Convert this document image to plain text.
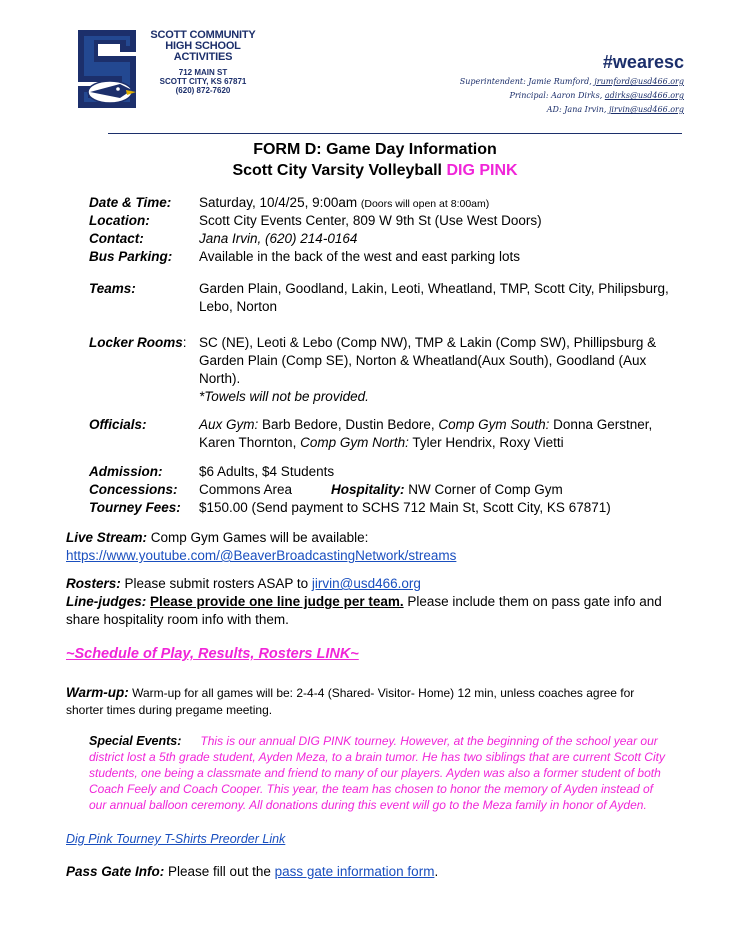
SCOTT COMMUNITY
HIGH SCHOOL
ACTIVITIES
712 MAIN ST
SCOTT CITY, KS 67871
(620) 872-7620
#wearesc
Superintendent: Jamie Rumford, jrumford@usd466.org
Principal: Aaron Dirks, adirks@usd466.org
AD: Jana Irvin, jirvin@usd466.org
FORM D: Game Day Information
Scott City Varsity Volleyball DIG PINK
Date & Time: Saturday, 10/4/25, 9:00am (Doors will open at 8:00am)
Location:	Scott City Events Center, 809 W 9th St (Use West Doors)
Contact:	Jana Irvin, (620) 214-0164
Bus Parking: Available in the back of the west and east parking lots
Teams:	Garden Plain, Goodland, Lakin, Leoti, Wheatland, TMP, Scott City, Philipsburg,
Lebo, Norton
Locker Rooms: SC (NE), Leoti & Lebo (Comp NW), TMP & Lakin (Comp SW), Phillipsburg &
Garden Plain (Comp SE), Norton & Wheatland(Aux South), Goodland (Aux
North).
*Towels will not be provided.
Officials:	Aux Gym: Barb Bedore, Dustin Bedore, Comp Gym South: Donna Gerstner,
Karen Thornton, Comp Gym North: Tyler Hendrix, Roxy Vietti
Admission:	$6 Adults, $4 Students
Concessions: Commons Area	Hospitality: NW Corner of Comp Gym
Tourney Fees: $150.00 (Send payment to SCHS 712 Main St, Scott City, KS 67871)
Live Stream: Comp Gym Games will be available:
https://www.youtube.com/@BeaverBroadcastingNetwork/streams
Rosters: Please submit rosters ASAP to jirvin@usd466.org
Line-judges: Please provide one line judge per team. Please include them on pass gate info and
share hospitality room info with them.
~Schedule of Play, Results, Rosters LINK~
Warm-up: Warm-up for all games will be: 2-4-4 (Shared- Visitor- Home) 12 min, unless coaches agree for
shorter times during pregame meeting.
Special Events: This is our annual DIG PINK tourney. However, at the beginning of the school year our
district lost a 5th grade student, Ayden Meza, to a brain tumor. He has two siblings that are current Scott City
students, one being a classmate and friend to many of our players. Ayden was also a former student of both
Coach Feely and Coach Cooper. This year, the team has chosen to honor the memory of Ayden instead of
our annual balloon ceremony. All donations during this event will go to the Meza family in honor of Ayden.
Dig Pink Tourney T-Shirts Preorder Link
Pass Gate Info: Please fill out the pass gate information form.
